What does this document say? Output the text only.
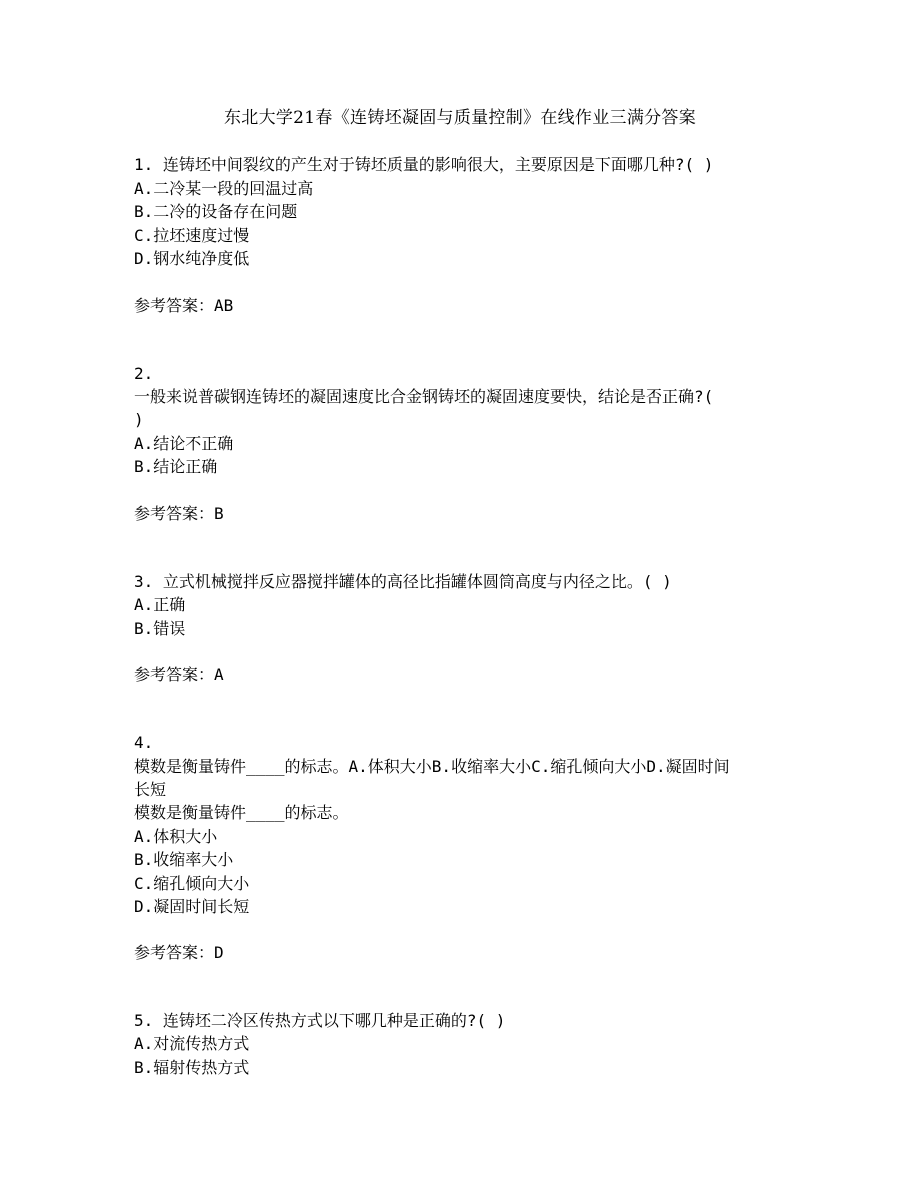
东北大学21春《连铸坯凝固与质量控制》在线作业三满分答案
1. 连铸坯中间裂纹的产生对于铸坯质量的影响很大，主要原因是下面哪几种?( )
A.二冷某一段的回温过高
B.二冷的设备存在问题
C.拉坯速度过慢
D.钢水纯净度低
参考答案：AB
2.
一般来说普碳钢连铸坯的凝固速度比合金钢铸坯的凝固速度要快，结论是否正确?(
)
A.结论不正确
B.结论正确
参考答案：B
3. 立式机械搅拌反应器搅拌罐体的高径比指罐体圆筒高度与内径之比。( )
A.正确
B.错误
参考答案：A
4.
模数是衡量铸件____的标志。A.体积大小B.收缩率大小C.缩孔倾向大小D.凝固时间
长短
模数是衡量铸件____的标志。
A.体积大小
B.收缩率大小
C.缩孔倾向大小
D.凝固时间长短
参考答案：D
5. 连铸坯二冷区传热方式以下哪几种是正确的?( )
A.对流传热方式
B.辐射传热方式
